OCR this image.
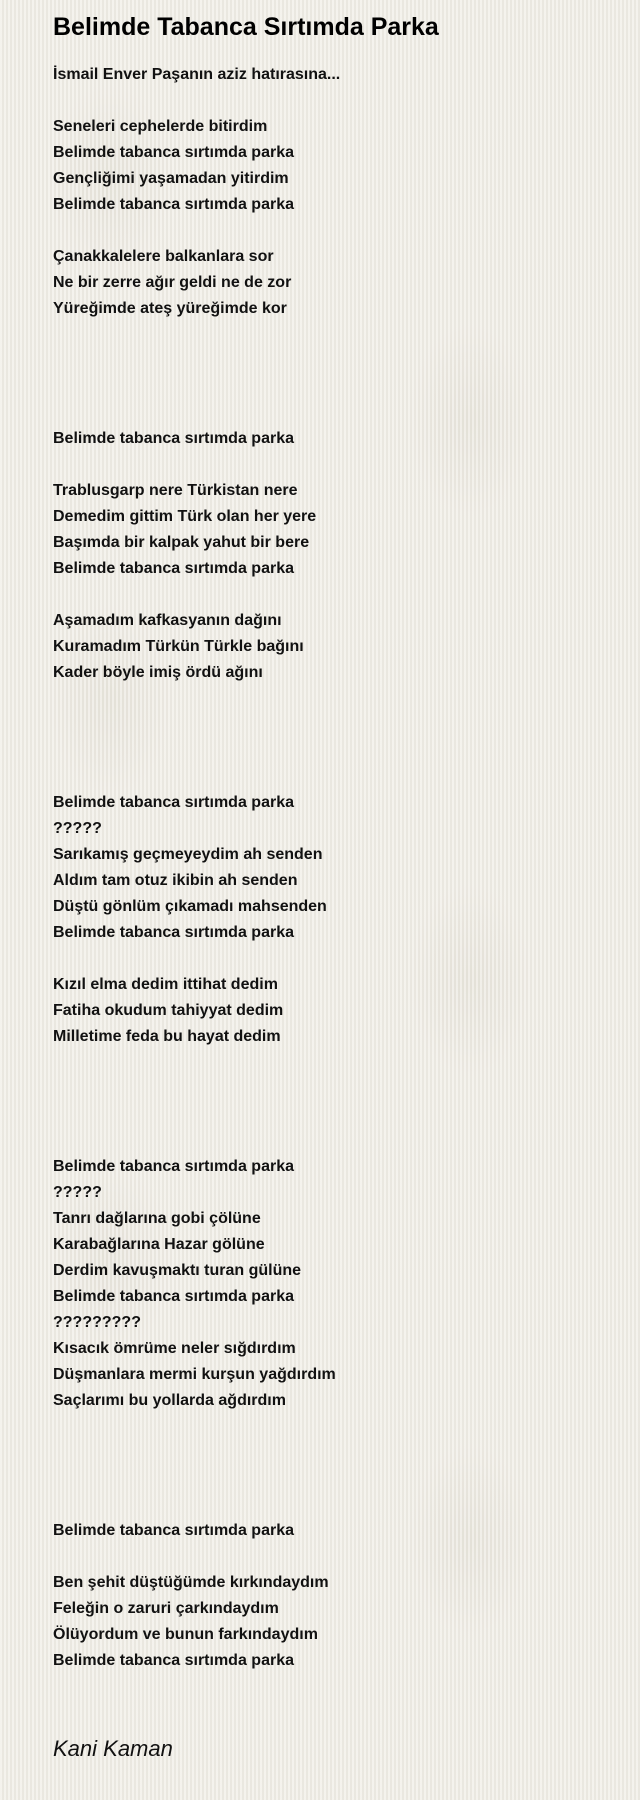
Belimde Tabanca Sırtımda Parka
İsmail Enver Paşanın aziz hatırasına...
Seneleri cephelerde bitirdim
Belimde tabanca sırtımda parka
Gençliğimi yaşamadan yitirdim
Belimde tabanca sırtımda parka
Çanakkalelere balkanlara sor
Ne bir zerre ağır geldi ne de zor
Yüreğimde ateş yüreğimde kor
Belimde tabanca sırtımda parka
Trablusgarp nere Türkistan nere
Demedim gittim Türk olan her yere
Başımda bir kalpak yahut bir bere
Belimde tabanca sırtımda parka
Aşamadım kafkasyanın dağını
Kuramadım Türkün Türkle bağını
Kader böyle imiş ördü ağını
Belimde tabanca sırtımda parka
?????
Sarıkamış geçmeyeydim ah senden
Aldım tam otuz ikibin ah senden
Düştü gönlüm çıkamadı mahsenden
Belimde tabanca sırtımda parka
Kızıl elma dedim ittihat dedim
Fatiha okudum tahiyyat dedim
Milletime feda bu hayat dedim
Belimde tabanca sırtımda parka
?????
Tanrı dağlarına gobi çölüne
Karabağlarına Hazar gölüne
Derdim kavuşmaktı turan gülüne
Belimde tabanca sırtımda parka
?????????
Kısacık ömrüme neler sığdırdım
Düşmanlara mermi kurşun yağdırdım
Saçlarımı bu yollarda ağdırdım
Belimde tabanca sırtımda parka
Ben şehit düştüğümde kırkındaydım
Feleğin o zaruri çarkındaydım
Ölüyordum ve bunun farkındaydım
Belimde tabanca sırtımda parka
Kani Kaman
